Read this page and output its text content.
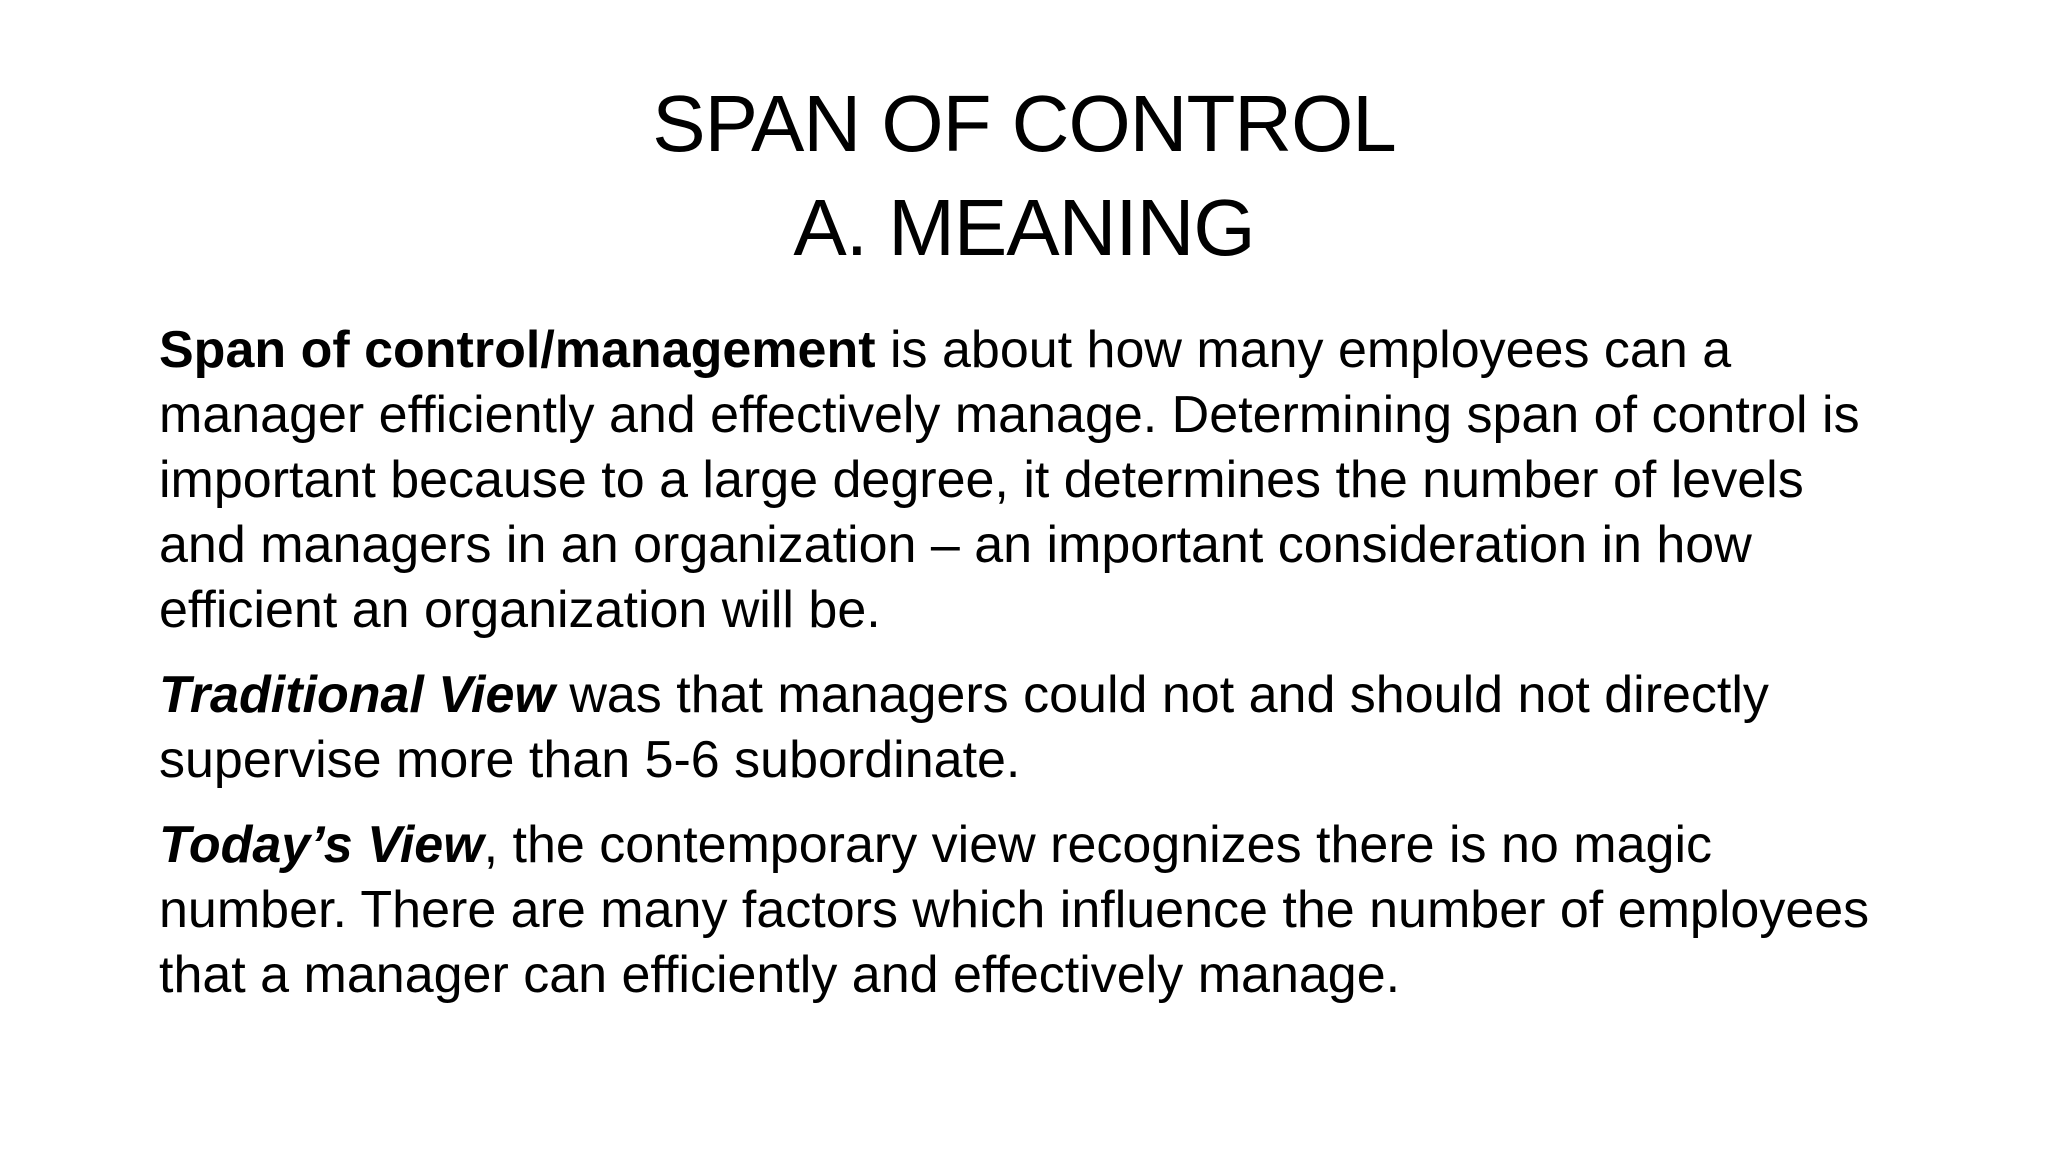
SPAN OF CONTROL
A. MEANING

Span of control/management is about how many employees can a manager efficiently and effectively manage. Determining span of control is important because to a large degree, it determines the number of levels and managers in an organization – an important consideration in how efficient an organization will be.

Traditional View was that managers could not and should not directly supervise more than 5-6 subordinate.

Today’s View, the contemporary view recognizes there is no magic number. There are many factors which influence the number of employees that a manager can efficiently and effectively manage.
